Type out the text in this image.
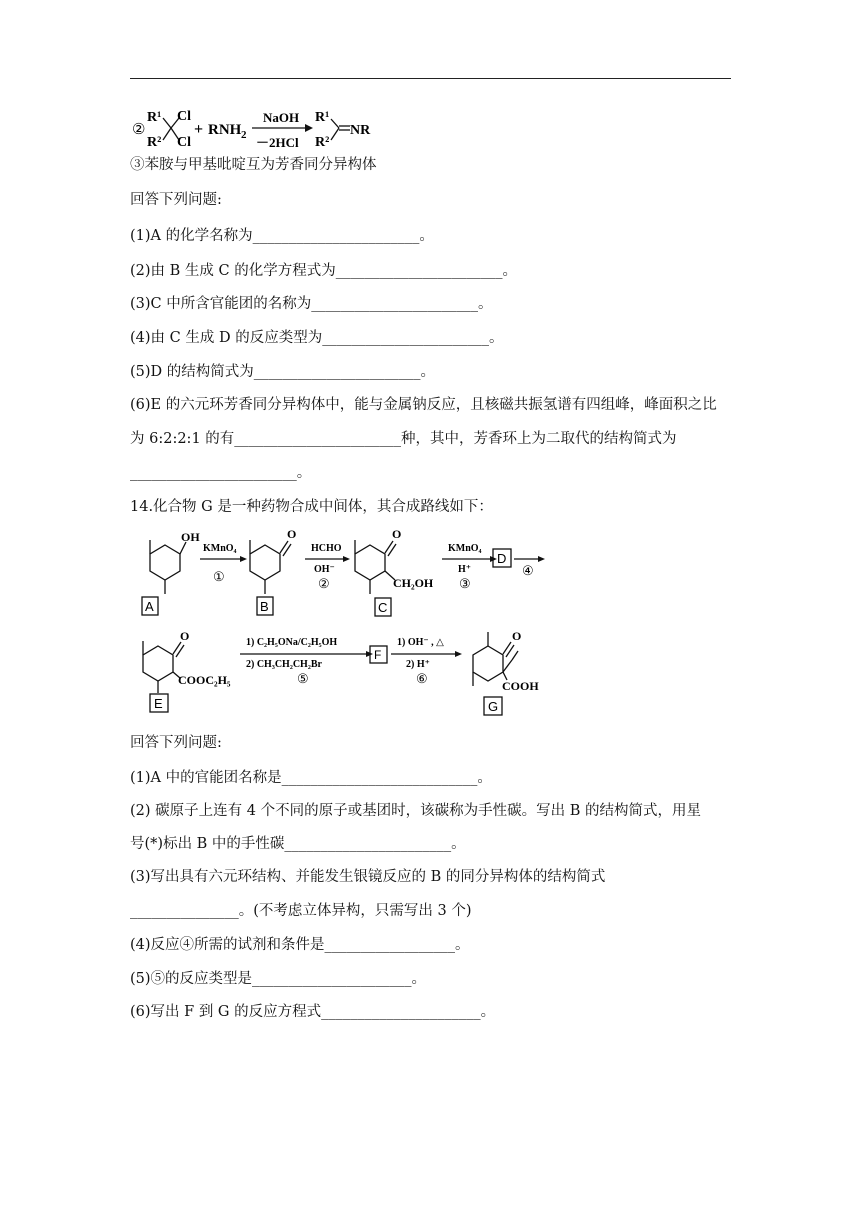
②
R¹
R²
Cl
Cl
+ RNH 2
NaOH
－2HCl
R¹
R²
NR
③苯胺与甲基吡啶互为芳香同分异构体
回答下列问题:
(1)A 的化学名称为_______________________。
(2)由 B 生成 C 的化学方程式为_______________________。
(3)C 中所含官能团的名称为_______________________。
(4)由 C 生成 D 的反应类型为_______________________。
(5)D 的结构简式为_______________________。
(6)E 的六元环芳香同分异构体中，能与金属钠反应，且核磁共振氢谱有四组峰，峰面积之比
为 6:2:2:1 的有_______________________种，其中，芳香环上为二取代的结构简式为
_______________________。
14.化合物 G 是一种药物合成中间体，其合成路线如下：
OH	O	O
CH₂OH
O
COOC₂H₅
O
COOH
KMnO₄
①
HCHO
OH⁻
②
KMnO₄
H⁺
③
④
1) C₂H₅ONa/C₂H₅OH
2) CH₃CH₂CH₂Br
⑤
1) OH⁻ , △
2) H⁺
⑥
A	B	C
D
E
F
G
回答下列问题:
(1)A 中的官能团名称是___________________________。
(2) 碳原子上连有 4 个不同的原子或基团时，该碳称为手性碳。写出 B 的结构简式，用星
号(*)标出 B 中的手性碳_______________________。
(3)写出具有六元环结构、并能发生银镜反应的 B 的同分异构体的结构简式
_______________。(不考虑立体异构，只需写出 3 个)
(4)反应④所需的试剂和条件是__________________。
(5)⑤的反应类型是______________________。
(6)写出 F 到 G 的反应方程式______________________。
